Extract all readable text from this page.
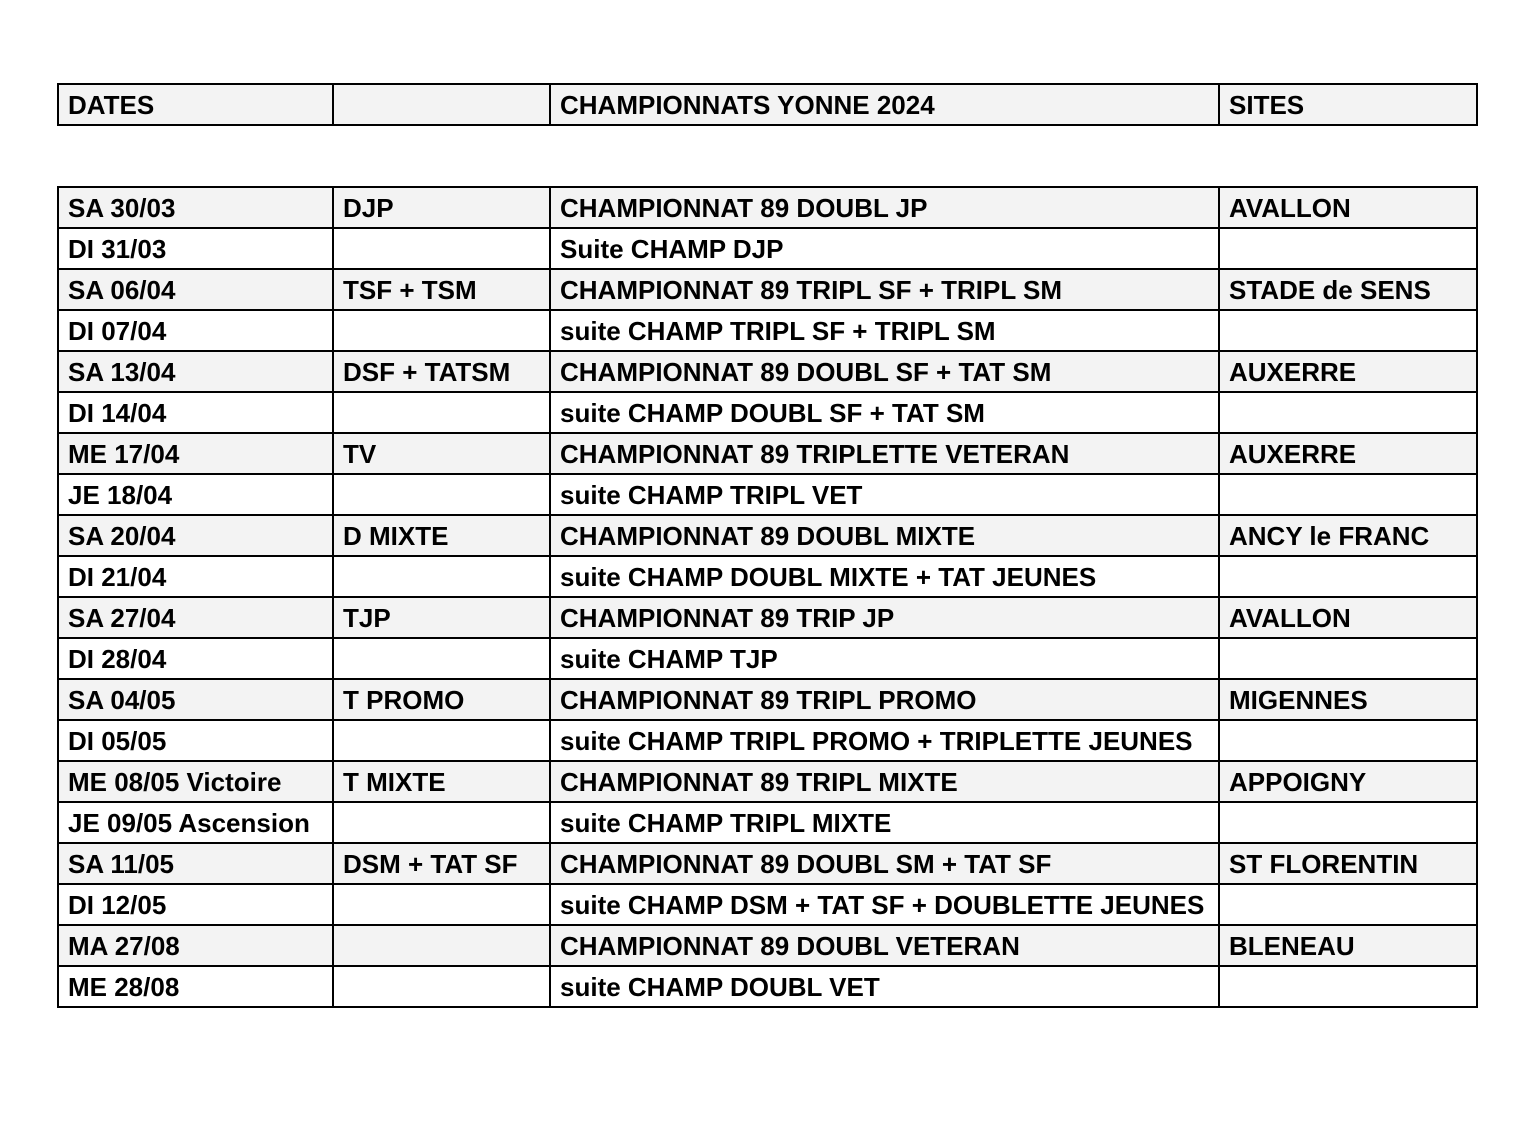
DATES		CHAMPIONNATS YONNE 2024	SITES
SA 30/03	DJP	CHAMPIONNAT 89 DOUBL JP	AVALLON
DI 31/03		Suite CHAMP DJP	
SA 06/04	TSF + TSM	CHAMPIONNAT 89 TRIPL SF + TRIPL SM	STADE de SENS
DI 07/04		suite CHAMP TRIPL SF + TRIPL SM	
SA 13/04	DSF + TATSM	CHAMPIONNAT 89 DOUBL SF + TAT SM	AUXERRE
DI 14/04		suite CHAMP DOUBL SF + TAT SM	
ME 17/04	TV	CHAMPIONNAT 89 TRIPLETTE VETERAN	AUXERRE
JE 18/04		suite CHAMP TRIPL VET	
SA 20/04	D MIXTE	CHAMPIONNAT 89 DOUBL MIXTE	ANCY le FRANC
DI 21/04		suite CHAMP DOUBL MIXTE + TAT JEUNES	
SA 27/04	TJP	CHAMPIONNAT 89 TRIP JP	AVALLON
DI 28/04		suite CHAMP TJP	
SA 04/05	T PROMO	CHAMPIONNAT 89 TRIPL PROMO	MIGENNES
DI 05/05		suite CHAMP TRIPL PROMO + TRIPLETTE JEUNES	
ME 08/05 Victoire	T MIXTE	CHAMPIONNAT 89 TRIPL MIXTE	APPOIGNY
JE 09/05 Ascension		suite CHAMP TRIPL MIXTE	
SA 11/05	DSM + TAT SF	CHAMPIONNAT 89 DOUBL SM + TAT SF	ST FLORENTIN
DI 12/05		suite CHAMP DSM + TAT SF + DOUBLETTE JEUNES	
MA 27/08		CHAMPIONNAT 89 DOUBL VETERAN	BLENEAU
ME 28/08		suite CHAMP DOUBL VET	
